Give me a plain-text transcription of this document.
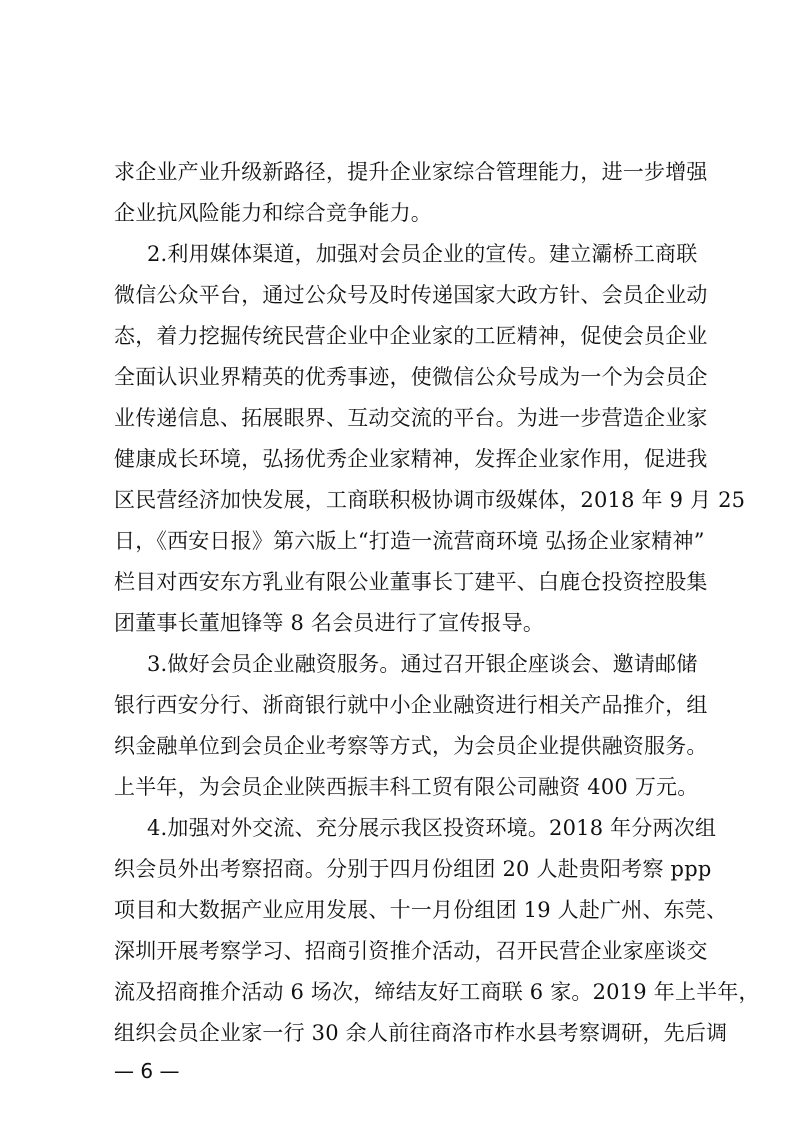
求企业产业升级新路径，提升企业家综合管理能力，进一步增强
企业抗风险能力和综合竞争能力。
2.利用媒体渠道，加强对会员企业的宣传。建立灞桥工商联
微信公众平台，通过公众号及时传递国家大政方针、会员企业动
态，着力挖掘传统民营企业中企业家的工匠精神，促使会员企业
全面认识业界精英的优秀事迹，使微信公众号成为一个为会员企
业传递信息、拓展眼界、互动交流的平台。为进一步营造企业家
健康成长环境，弘扬优秀企业家精神，发挥企业家作用，促进我
区民营经济加快发展，工商联积极协调市级媒体，2018 年 9 月 25
日，《西安日报》第六版上“打造一流营商环境 弘扬企业家精神”
栏目对西安东方乳业有限公业董事长丁建平、白鹿仓投资控股集
团董事长董旭锋等 8 名会员进行了宣传报导。
3.做好会员企业融资服务。通过召开银企座谈会、邀请邮储
银行西安分行、浙商银行就中小企业融资进行相关产品推介，组
织金融单位到会员企业考察等方式，为会员企业提供融资服务。
上半年，为会员企业陕西振丰科工贸有限公司融资 400 万元。
4.加强对外交流、充分展示我区投资环境。2018 年分两次组
织会员外出考察招商。分别于四月份组团 20 人赴贵阳考察 ppp
项目和大数据产业应用发展、十一月份组团 19 人赴广州、东莞、
深圳开展考察学习、招商引资推介活动，召开民营企业家座谈交
流及招商推介活动 6 场次，缔结友好工商联 6 家。2019 年上半年，
组织会员企业家一行 30 余人前往商洛市柞水县考察调研，先后调
— 6 —
